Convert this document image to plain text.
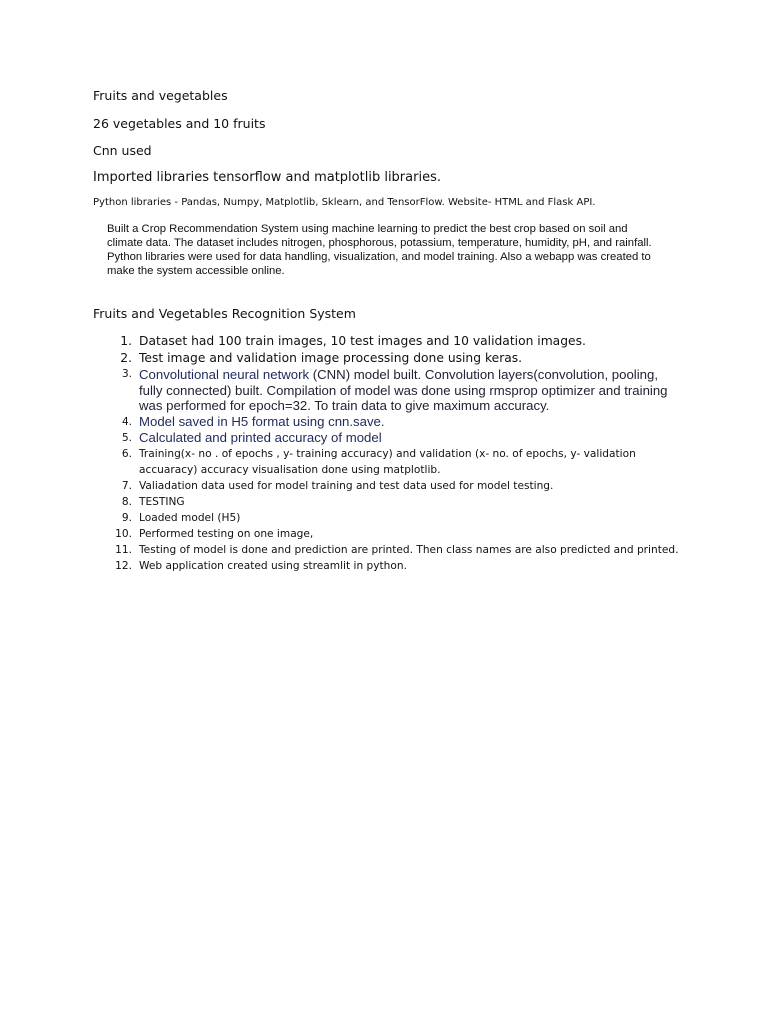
Fruits and vegetables

26 vegetables and 10 fruits

Cnn used

Imported libraries tensorflow and matplotlib libraries.

Python libraries - Pandas, Numpy, Matplotlib, Sklearn, and TensorFlow. Website- HTML and Flask API.

Built a Crop Recommendation System using machine learning to predict the best crop based on soil and climate data. The dataset includes nitrogen, phosphorous, potassium, temperature, humidity, pH, and rainfall. Python libraries were used for data handling, visualization, and model training. Also a webapp was created to make the system accessible online.

Fruits and Vegetables Recognition System

1. Dataset had 100 train images, 10 test images and 10 validation images.
2. Test image and validation image processing done using keras.
3. Convolutional neural network (CNN) model built. Convolution layers(convolution, pooling, fully connected) built. Compilation of model was done using rmsprop optimizer and training was performed for epoch=32. To train data to give maximum accuracy.
4. Model saved in H5 format using cnn.save.
5. Calculated and printed accuracy of model
6. Training(x- no . of epochs , y- training accuracy) and validation (x- no. of epochs, y- validation accuaracy) accuracy visualisation done using matplotlib.
7. Valiadation data used for model training and test data used for model testing.
8. TESTING
9. Loaded model (H5)
10. Performed testing on one image,
11. Testing of model is done and prediction are printed. Then class names are also predicted and printed.
12. Web application created using streamlit in python.
